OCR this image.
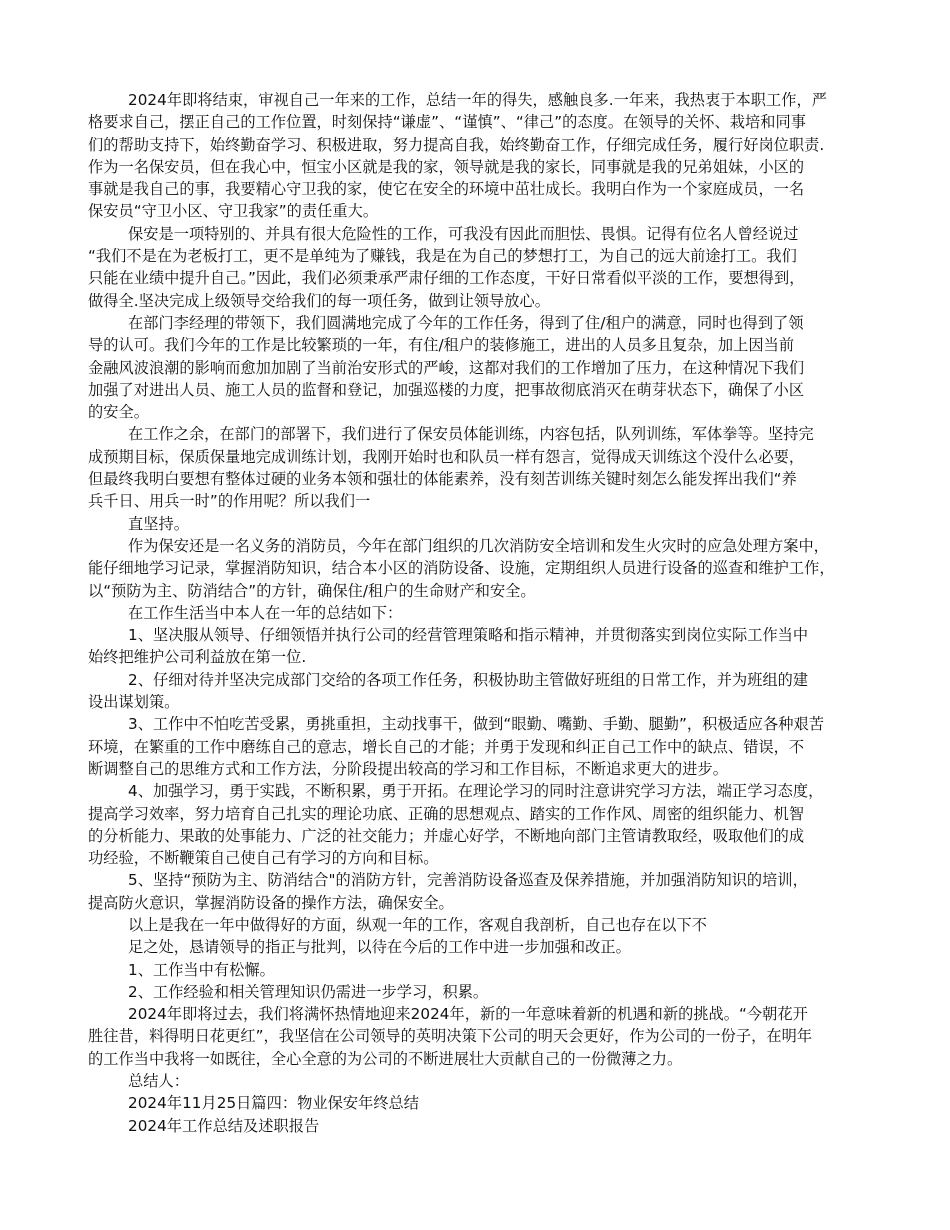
2024年即将结束，审视自己一年来的工作，总结一年的得失，感触良多.一年来，我热衷于本职工作，严
格要求自己，摆正自己的工作位置，时刻保持“谦虚”、“谨慎”、“律己”的态度。在领导的关怀、栽培和同事
们的帮助支持下，始终勤奋学习、积极进取，努力提高自我，始终勤奋工作，仔细完成任务，履行好岗位职责.
作为一名保安员，但在我心中，恒宝小区就是我的家，领导就是我的家长，同事就是我的兄弟姐妹，小区的
事就是我自己的事，我要精心守卫我的家，使它在安全的环境中茁壮成长。我明白作为一个家庭成员，一名
保安员“守卫小区、守卫我家”的责任重大。
保安是一项特别的、并具有很大危险性的工作，可我没有因此而胆怯、畏惧。记得有位名人曾经说过
“我们不是在为老板打工，更不是单纯为了赚钱，我是在为自己的梦想打工，为自己的远大前途打工。我们
只能在业绩中提升自己。”因此，我们必须秉承严肃仔细的工作态度，干好日常看似平淡的工作，要想得到，
做得全.坚决完成上级领导交给我们的每一项任务，做到让领导放心。
在部门李经理的带领下，我们圆满地完成了今年的工作任务，得到了住/租户的满意，同时也得到了领
导的认可。我们今年的工作是比较繁琐的一年，有住/租户的装修施工，进出的人员多且复杂，加上因当前
金融风波浪潮的影响而愈加加剧了当前治安形式的严峻，这都对我们的工作增加了压力，在这种情况下我们
加强了对进出人员、施工人员的监督和登记，加强巡楼的力度，把事故彻底消灭在萌芽状态下，确保了小区
的安全。
在工作之余，在部门的部署下，我们进行了保安员体能训练，内容包括，队列训练，军体拳等。坚持完
成预期目标，保质保量地完成训练计划，我刚开始时也和队员一样有怨言，觉得成天训练这个没什么必要，
但最终我明白要想有整体过硬的业务本领和强壮的体能素养，没有刻苦训练关键时刻怎么能发挥出我们“养
兵千日、用兵一时”的作用呢？所以我们一
直坚持。
作为保安还是一名义务的消防员，今年在部门组织的几次消防安全培训和发生火灾时的应急处理方案中，
能仔细地学习记录，掌握消防知识，结合本小区的消防设备、设施，定期组织人员进行设备的巡查和维护工作，
以“预防为主、防消结合”的方针，确保住/租户的生命财产和安全。
在工作生活当中本人在一年的总结如下：
1、坚决服从领导、仔细领悟并执行公司的经营管理策略和指示精神，并贯彻落实到岗位实际工作当中
始终把维护公司利益放在第一位.
2、仔细对待并坚决完成部门交给的各项工作任务，积极协助主管做好班组的日常工作，并为班组的建
设出谋划策。
3、工作中不怕吃苦受累，勇挑重担，主动找事干，做到“眼勤、嘴勤、手勤、腿勤”，积极适应各种艰苦
环境，在繁重的工作中磨练自己的意志，增长自己的才能；并勇于发现和纠正自己工作中的缺点、错误，不
断调整自己的思维方式和工作方法，分阶段提出较高的学习和工作目标，不断追求更大的进步。
4、加强学习，勇于实践，不断积累，勇于开拓。在理论学习的同时注意讲究学习方法，端正学习态度，
提高学习效率，努力培育自己扎实的理论功底、正确的思想观点、踏实的工作作风、周密的组织能力、机智
的分析能力、果敢的处事能力、广泛的社交能力；并虚心好学，不断地向部门主管请教取经，吸取他们的成
功经验，不断鞭策自己使自己有学习的方向和目标。
5、坚持“预防为主、防消结合"的消防方针，完善消防设备巡查及保养措施，并加强消防知识的培训，
提高防火意识，掌握消防设备的操作方法，确保安全。
以上是我在一年中做得好的方面，纵观一年的工作，客观自我剖析，自己也存在以下不
足之处，恳请领导的指正与批判，以待在今后的工作中进一步加强和改正。
1、工作当中有松懈。
2、工作经验和相关管理知识仍需进一步学习，积累。
2024年即将过去，我们将满怀热情地迎来2024年，新的一年意味着新的机遇和新的挑战。“今朝花开
胜往昔，料得明日花更红”，我坚信在公司领导的英明决策下公司的明天会更好，作为公司的一份子，在明年
的工作当中我将一如既往，全心全意的为公司的不断进展壮大贡献自己的一份微薄之力。
总结人：
2024年11月25日篇四：物业保安年终总结
2024年工作总结及述职报告
